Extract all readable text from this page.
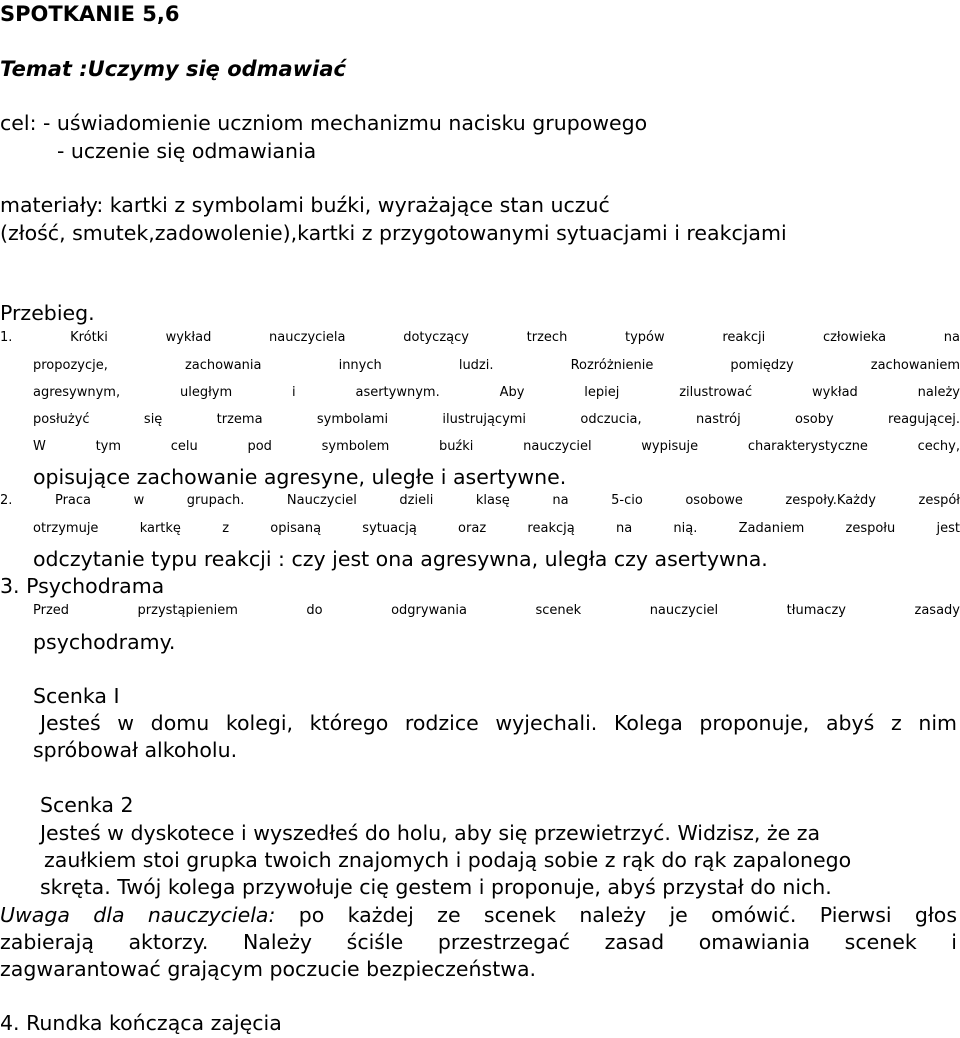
SPOTKANIE 5,6
Temat :Uczymy się odmawiać
cel: - uświadomienie uczniom mechanizmu nacisku grupowego
- uczenie się odmawiania
materiały: kartki z symbolami buźki, wyrażające stan uczuć
(złość, smutek,zadowolenie),kartki z przygotowanymi sytuacjami i reakcjami
Przebieg.
1. Krótki wykład nauczyciela dotyczący trzech typów reakcji człowieka na
propozycje, zachowania innych ludzi. Rozróżnienie pomiędzy zachowaniem
agresywnym, uległym i asertywnym. Aby lepiej zilustrować wykład należy
posłużyć się trzema symbolami ilustrującymi odczucia, nastrój osoby reagującej.
W tym celu pod symbolem buźki nauczyciel wypisuje charakterystyczne cechy,
opisujące zachowanie agresyne, uległe i asertywne.
2. Praca w grupach. Nauczyciel dzieli klasę na 5-cio osobowe zespoły.Każdy zespół
otrzymuje kartkę z opisaną sytuacją oraz reakcją na nią. Zadaniem zespołu jest
odczytanie typu reakcji : czy jest ona agresywna, uległa czy asertywna.
3. Psychodrama
Przed przystąpieniem do odgrywania scenek nauczyciel tłumaczy zasady
psychodramy.
Scenka I
Jesteś w domu kolegi, którego rodzice wyjechali. Kolega proponuje, abyś z nim
spróbował alkoholu.
Scenka 2
Jesteś w dyskotece i wyszedłeś do holu, aby się przewietrzyć. Widzisz, że za
zaułkiem stoi grupka twoich znajomych i podają sobie z rąk do rąk zapalonego
skręta. Twój kolega przywołuje cię gestem i proponuje, abyś przystał do nich.
Uwaga dla nauczyciela: po każdej ze scenek należy je omówić. Pierwsi głos
zabierają aktorzy. Należy ściśle przestrzegać zasad omawiania scenek i
zagwarantować grającym poczucie bezpieczeństwa.
4. Rundka kończąca zajęcia
